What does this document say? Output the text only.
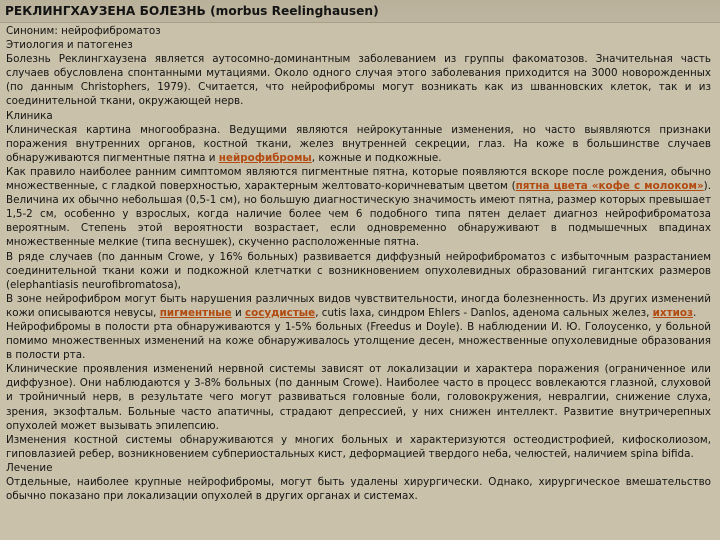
РЕКЛИНГХАУЗЕНА БОЛЕЗНЬ (morbus Reelinghausen)

Синоним: нейрофиброматоз

Этиология и патогенез

Болезнь Реклингхаузена является аутосомно-доминантным заболеванием из группы факоматозов. Значительная часть случаев обусловлена спонтанными мутациями. Около одного случая этого заболевания приходится на 3000 новорожденных (по данным Christophers, 1979). Считается, что нейрофибромы могут возникать как из шванновских клеток, так и из соединительной ткани, окружающей нерв.

Клиника

Клиническая картина многообразна. Ведущими являются нейрокутанные изменения, но часто выявляются признаки поражения внутренних органов, костной ткани, желез внутренней секреции, глаз. На коже в большинстве случаев обнаруживаются пигментные пятна и нейрофибромы, кожные и подкожные.

Как правило наиболее ранним симптомом являются пигментные пятна, которые появляются вскоре после рождения, обычно множественные, с гладкой поверхностью, характерным желтовато-коричневатым цветом (пятна цвета «кофе с молоком»). Величина их обычно небольшая (0,5-1 см), но большую диагностическую значимость имеют пятна, размер которых превышает 1,5-2 см, особенно у взрослых, когда наличие более чем 6 подобного типа пятен делает диагноз нейрофиброматоза вероятным. Степень этой вероятности возрастает, если одновременно обнаруживают в подмышечных впадинах множественные мелкие (типа веснушек), скученно расположенные пятна.

В ряде случаев (по данным Crowe, у 16% больных) развивается диффузный нейрофиброматоз с избыточным разрастанием соединительной ткани кожи и подкожной клетчатки с возникновением опухолевидных образований гигантских размеров (elephantiasis neurofibromatosa),

В зоне нейрофибром могут быть нарушения различных видов чувствительности, иногда болезненность. Из других изменений кожи описываются невусы, пигментные и сосудистые, cutis laxa, синдром Ehlers - Danlos, аденома сальных желез, ихтиоз.

Нейрофибромы в полости рта обнаруживаются у 1-5% больных (Freedus и Doyle). В наблюдении И. Ю. Голоусенко, у больной помимо множественных изменений на коже обнаруживалось утолщение десен, множественные опухолевидные образования в полости рта.

Клинические проявления изменений нервной системы зависят от локализации и характера поражения (ограниченное или диффузное). Они наблюдаются у 3-8% больных (по данным Crowe). Наиболее часто в процесс вовлекаются глазной, слуховой и тройничный нерв, в результате чего могут развиваться головные боли, головокружения, невралгии, снижение слуха, зрения, экзофтальм. Больные часто апатичны, страдают депрессией, у них снижен интеллект. Развитие внутричерепных опухолей может вызывать эпилепсию.

Изменения костной системы обнаруживаются у многих больных и характеризуются остеодистрофией, кифосколиозом, гиповлазией ребер, возникновением субпериостальных кист, деформацией твердого неба, челюстей, наличием spina bifida.

Лечение

Отдельные, наиболее крупные нейрофибромы, могут быть удалены хирургически. Однако, хирургическое вмешательство обычно показано при локализации опухолей в других органах и системах.
